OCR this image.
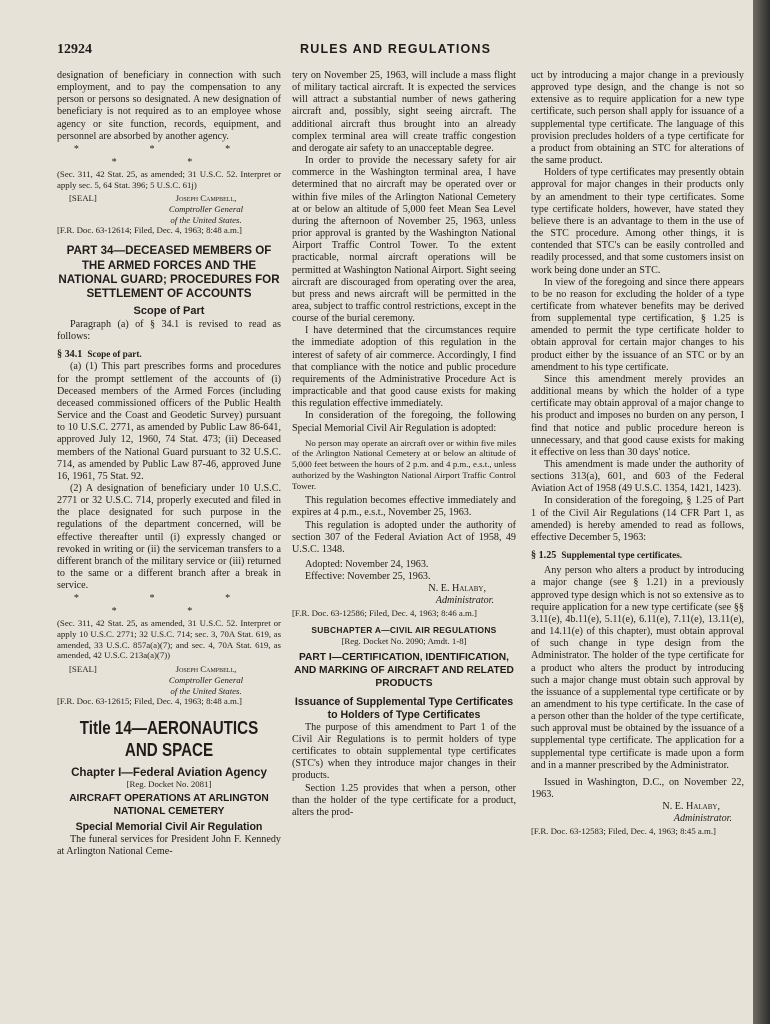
12924	RULES AND REGULATIONS

designation of beneficiary in connection with such employment, and to pay the compensation to any person or persons so designated. A new designation of beneficiary is not required as to an employee whose agency or site function, records, equipment, and personnel are absorbed by another agency.

* * * * *

(Sec. 311, 42 Stat. 25, as amended; 31 U.S.C. 52. Interpret or apply sec. 5, 64 Stat. 396; 5 U.S.C. 61j)

[SEAL]	Joseph Campbell,
Comptroller General
of the United States.

[F.R. Doc. 63-12614; Filed, Dec. 4, 1963; 8:48 a.m.]

PART 34—DECEASED MEMBERS OF THE ARMED FORCES AND THE NATIONAL GUARD; PROCEDURES FOR SETTLEMENT OF ACCOUNTS
Scope of Part

Paragraph (a) of § 34.1 is revised to read as follows:

§ 34.1 Scope of part.

(a) (1) This part prescribes forms and procedures for the prompt settlement of the accounts of (i) Deceased members of the Armed Forces (including deceased commissioned officers of the Public Health Service and the Coast and Geodetic Survey) pursuant to 10 U.S.C. 2771, as amended by Public Law 86-641, approved July 12, 1960, 74 Stat. 473; (ii) Deceased members of the National Guard pursuant to 32 U.S.C. 714, as amended by Public Law 87-46, approved June 16, 1961, 75 Stat. 92.

(2) A designation of beneficiary under 10 U.S.C. 2771 or 32 U.S.C. 714, properly executed and filed in the place designated for such purpose in the regulations of the department concerned, will be effective thereafter until (i) expressly changed or revoked in writing or (ii) the serviceman transfers to a different branch of the military service or (iii) returned to the same or a different branch after a break in service.

* * * * *

(Sec. 311, 42 Stat. 25, as amended, 31 U.S.C. 52. Interpret or apply 10 U.S.C. 2771; 32 U.S.C. 714; sec. 3, 70A Stat. 619, as amended, 33 U.S.C. 857a(a)(7); and sec. 4, 70A Stat. 619, as amended, 42 U.S.C. 213a(a)(7))

[SEAL]	Joseph Campbell,
Comptroller General
of the United States.

[F.R. Doc. 63-12615; Filed, Dec. 4, 1963; 8:48 a.m.]

Title 14—AERONAUTICS AND SPACE
Chapter I—Federal Aviation Agency
[Reg. Docket No. 2081]
AIRCRAFT OPERATIONS AT ARLINGTON NATIONAL CEMETERY
Special Memorial Civil Air Regulation

The funeral services for President John F. Kennedy at Arlington National Ceme-

tery on November 25, 1963, will include a mass flight of military tactical aircraft. It is expected the services will attract a substantial number of news gathering aircraft and, possibly, sight seeing aircraft. The additional aircraft thus brought into an already complex terminal area will create traffic congestion and derogate air safety to an unacceptable degree.

In order to provide the necessary safety for air commerce in the Washington terminal area, I have determined that no aircraft may be operated over or within five miles of the Arlington National Cemetery at or below an altitude of 5,000 feet Mean Sea Level during the afternoon of November 25, 1963, unless prior approval is granted by the Washington National Airport Traffic Control Tower. To the extent practicable, normal aircraft operations will be permitted at Washington National Airport. Sight seeing aircraft are discouraged from operating over the area, but press and news aircraft will be permitted in the area, subject to traffic control restrictions, except in the course of the burial ceremony.

I have determined that the circumstances require the immediate adoption of this regulation in the interest of safety of air commerce. Accordingly, I find that compliance with the notice and public procedure requirements of the Administrative Procedure Act is impracticable and that good cause exists for making this regulation effective immediately.

In consideration of the foregoing, the following Special Memorial Civil Air Regulation is adopted:

No person may operate an aircraft over or within five miles of the Arlington National Cemetery at or below an altitude of 5,000 feet between the hours of 2 p.m. and 4 p.m., e.s.t., unless authorized by the Washington National Airport Traffic Control Tower.

This regulation becomes effective immediately and expires at 4 p.m., e.s.t., November 25, 1963.

This regulation is adopted under the authority of section 307 of the Federal Aviation Act of 1958, 49 U.S.C. 1348.

Adopted: November 24, 1963.

Effective: November 25, 1963.

N. E. Halaby,

Administrator.

[F.R. Doc. 63-12586; Filed, Dec. 4, 1963; 8:46 a.m.]

SUBCHAPTER A—CIVIL AIR REGULATIONS
[Reg. Docket No. 2090; Amdt. 1-8]
PART I—CERTIFICATION, IDENTIFICATION, AND MARKING OF AIRCRAFT AND RELATED PRODUCTS
Issuance of Supplemental Type Certificates to Holders of Type Certificates

The purpose of this amendment to Part 1 of the Civil Air Regulations is to permit holders of type certificates to obtain supplemental type certificates (STC's) when they introduce major changes in their products.

Section 1.25 provides that when a person, other than the holder of the type certificate for a product, alters the prod-

uct by introducing a major change in a previously approved type design, and the change is not so extensive as to require application for a new type certificate, such person shall apply for issuance of a supplemental type certificate. The language of this provision precludes holders of a type certificate for a product from obtaining an STC for alterations of the same product.

Holders of type certificates may presently obtain approval for major changes in their products only by an amendment to their type certificates. Some type certificate holders, however, have stated they believe there is an advantage to them in the use of the STC procedure. Among other things, it is contended that STC's can be easily controlled and readily processed, and that some customers insist on work being done under an STC.

In view of the foregoing and since there appears to be no reason for excluding the holder of a type certificate from whatever benefits may be derived from supplemental type certification, § 1.25 is amended to permit the type certificate holder to obtain approval for certain major changes to his product either by the issuance of an STC or by an amendment to his type certificate.

Since this amendment merely provides an additional means by which the holder of a type certificate may obtain approval of a major change to his product and imposes no burden on any person, I find that notice and public procedure hereon is unnecessary, and that good cause exists for making it effective on less than 30 days' notice.

This amendment is made under the authority of sections 313(a), 601, and 603 of the Federal Aviation Act of 1958 (49 U.S.C. 1354, 1421, 1423).

In consideration of the foregoing, § 1.25 of Part 1 of the Civil Air Regulations (14 CFR Part 1, as amended) is hereby amended to read as follows, effective December 5, 1963:

§ 1.25 Supplemental type certificates.

Any person who alters a product by introducing a major change (see § 1.21) in a previously approved type design which is not so extensive as to require application for a new type certificate (see §§ 3.11(e), 4b.11(e), 5.11(e), 6.11(e), 7.11(e), 13.11(e), and 14.11(e) of this chapter), must obtain approval of such change in type design from the Administrator. The holder of the type certificate for a product who alters the product by introducing such a major change must obtain such approval by the issuance of a supplemental type certificate or by an amendment to his type certificate. In the case of a person other than the holder of the type certificate, such approval must be obtained by the issuance of a supplemental type certificate. The application for a supplemental type certificate is made upon a form and in a manner prescribed by the Administrator.

Issued in Washington, D.C., on November 22, 1963.

N. E. Halaby,

Administrator.

[F.R. Doc. 63-12583; Filed, Dec. 4, 1963; 8:45 a.m.]
